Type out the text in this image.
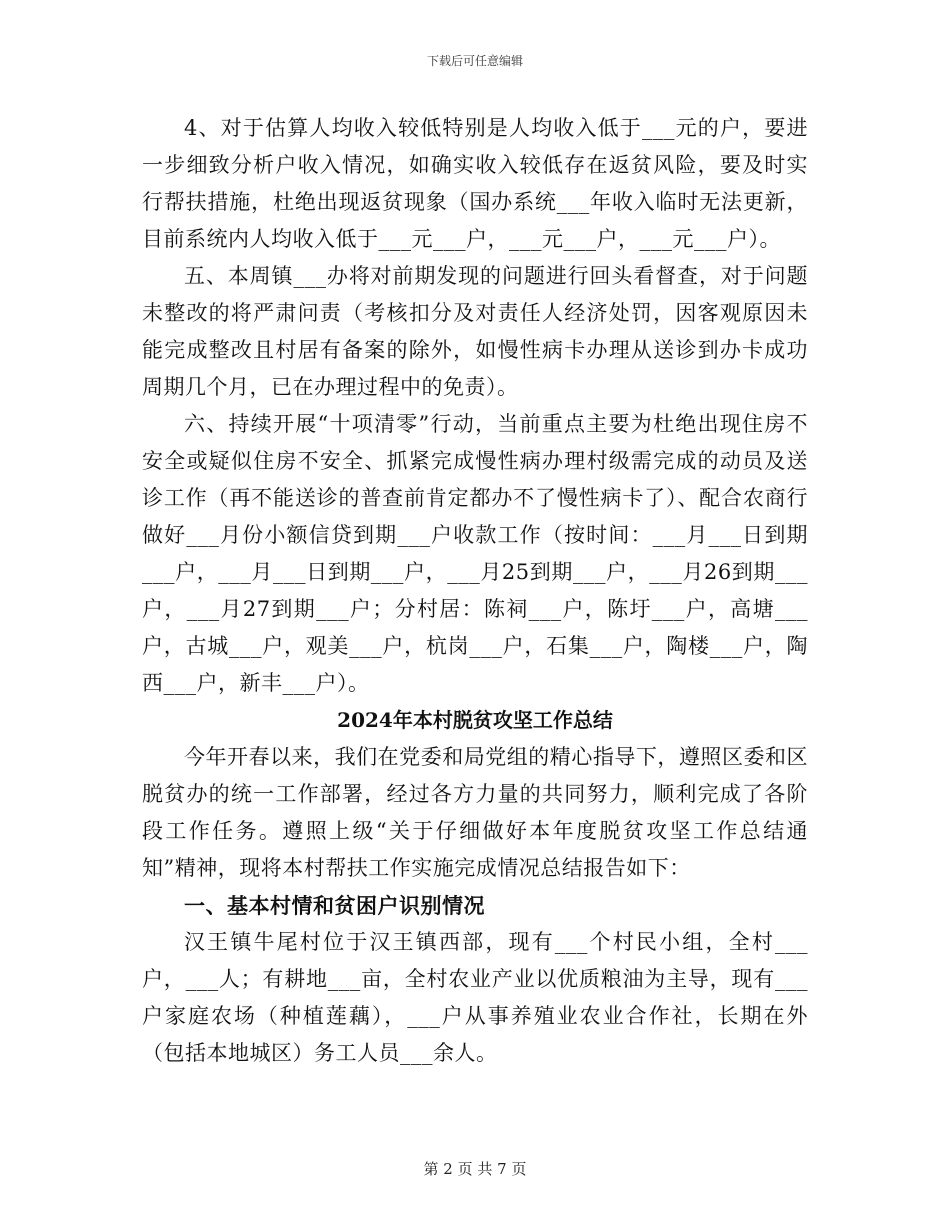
下载后可任意编辑

4、对于估算人均收入较低特别是人均收入低于___元的户，要进一步细致分析户收入情况，如确实收入较低存在返贫风险，要及时实行帮扶措施，杜绝出现返贫现象（国办系统___年收入临时无法更新，目前系统内人均收入低于___元___户，___元___户，___元___户）。

五、本周镇___办将对前期发现的问题进行回头看督查，对于问题未整改的将严肃问责（考核扣分及对责任人经济处罚，因客观原因未能完成整改且村居有备案的除外，如慢性病卡办理从送诊到办卡成功周期几个月，已在办理过程中的免责）。

六、持续开展“十项清零”行动，当前重点主要为杜绝出现住房不安全或疑似住房不安全、抓紧完成慢性病办理村级需完成的动员及送诊工作（再不能送诊的普查前肯定都办不了慢性病卡了）、配合农商行做好___月份小额信贷到期___户收款工作（按时间：___月___日到期___户，___月___日到期___户，___月25到期___户，___月26到期___户，___月27到期___户；分村居：陈祠___户，陈圩___户，高塘___户，古城___户，观美___户，杭岗___户，石集___户，陶楼___户，陶西___户，新丰___户）。

2024年本村脱贫攻坚工作总结

今年开春以来，我们在党委和局党组的精心指导下，遵照区委和区脱贫办的统一工作部署，经过各方力量的共同努力，顺利完成了各阶段工作任务。遵照上级“关于仔细做好本年度脱贫攻坚工作总结通知”精神，现将本村帮扶工作实施完成情况总结报告如下：

一、基本村情和贫困户识别情况

汉王镇牛尾村位于汉王镇西部，现有___个村民小组，全村___户，___人；有耕地___亩，全村农业产业以优质粮油为主导，现有___户家庭农场（种植莲藕），___户从事养殖业农业合作社，长期在外（包括本地城区）务工人员___余人。

第 2 页 共 7 页
